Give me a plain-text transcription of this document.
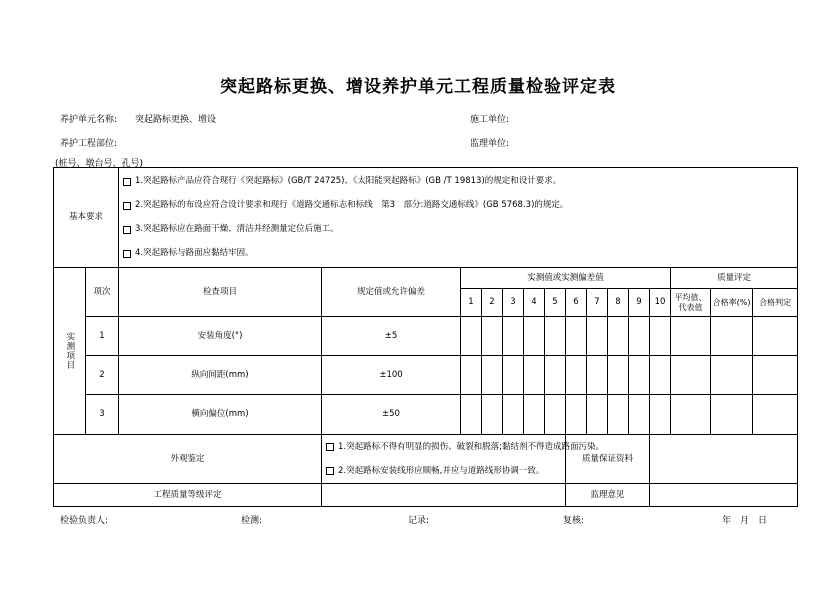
突起路标更换、增设养护单元工程质量检验评定表
养护单元名称: 突起路标更换、增设	施工单位:
养护工程部位:	监理单位:
(桩号、墩台号、孔号)
基本要求		1.突起路标产品应符合现行《突起路标》(GB/T 24725)、《太阳能突起路标》(GB /T 19813)的规定和设计要求。
2.突起路标的布设应符合设计要求和现行《道路交通标志和标线　第3　部分:道路交通标线》(GB 5768.3)的规定。
3.突起路标应在路面干燥、清洁并经测量定位后施工。
4.突起路标与路面应黏结牢固。														

实测项目	项次	检查项目	规定值或允许偏差	实测值或实测偏差值										质量评定		
				1	2	3	4	5	6	7	8	9	10	平均值、代表值	合格率(%)	合格判定
	1	安装角度(°)	±5													
	2	纵向间距(mm)	±100													
	3	横向偏位(mm)	±50													
外观鉴定			1.突起路标不得有明显的损伤、破裂和脱落;黏结剂不得造成路面污染。
2.突起路标安装线形应顺畅,并应与道路线形协调一致。						质量保证资料							
工程质量等级评定									监理意见							
检验负责人:	检测:	记录:	复核:	年　月　日
